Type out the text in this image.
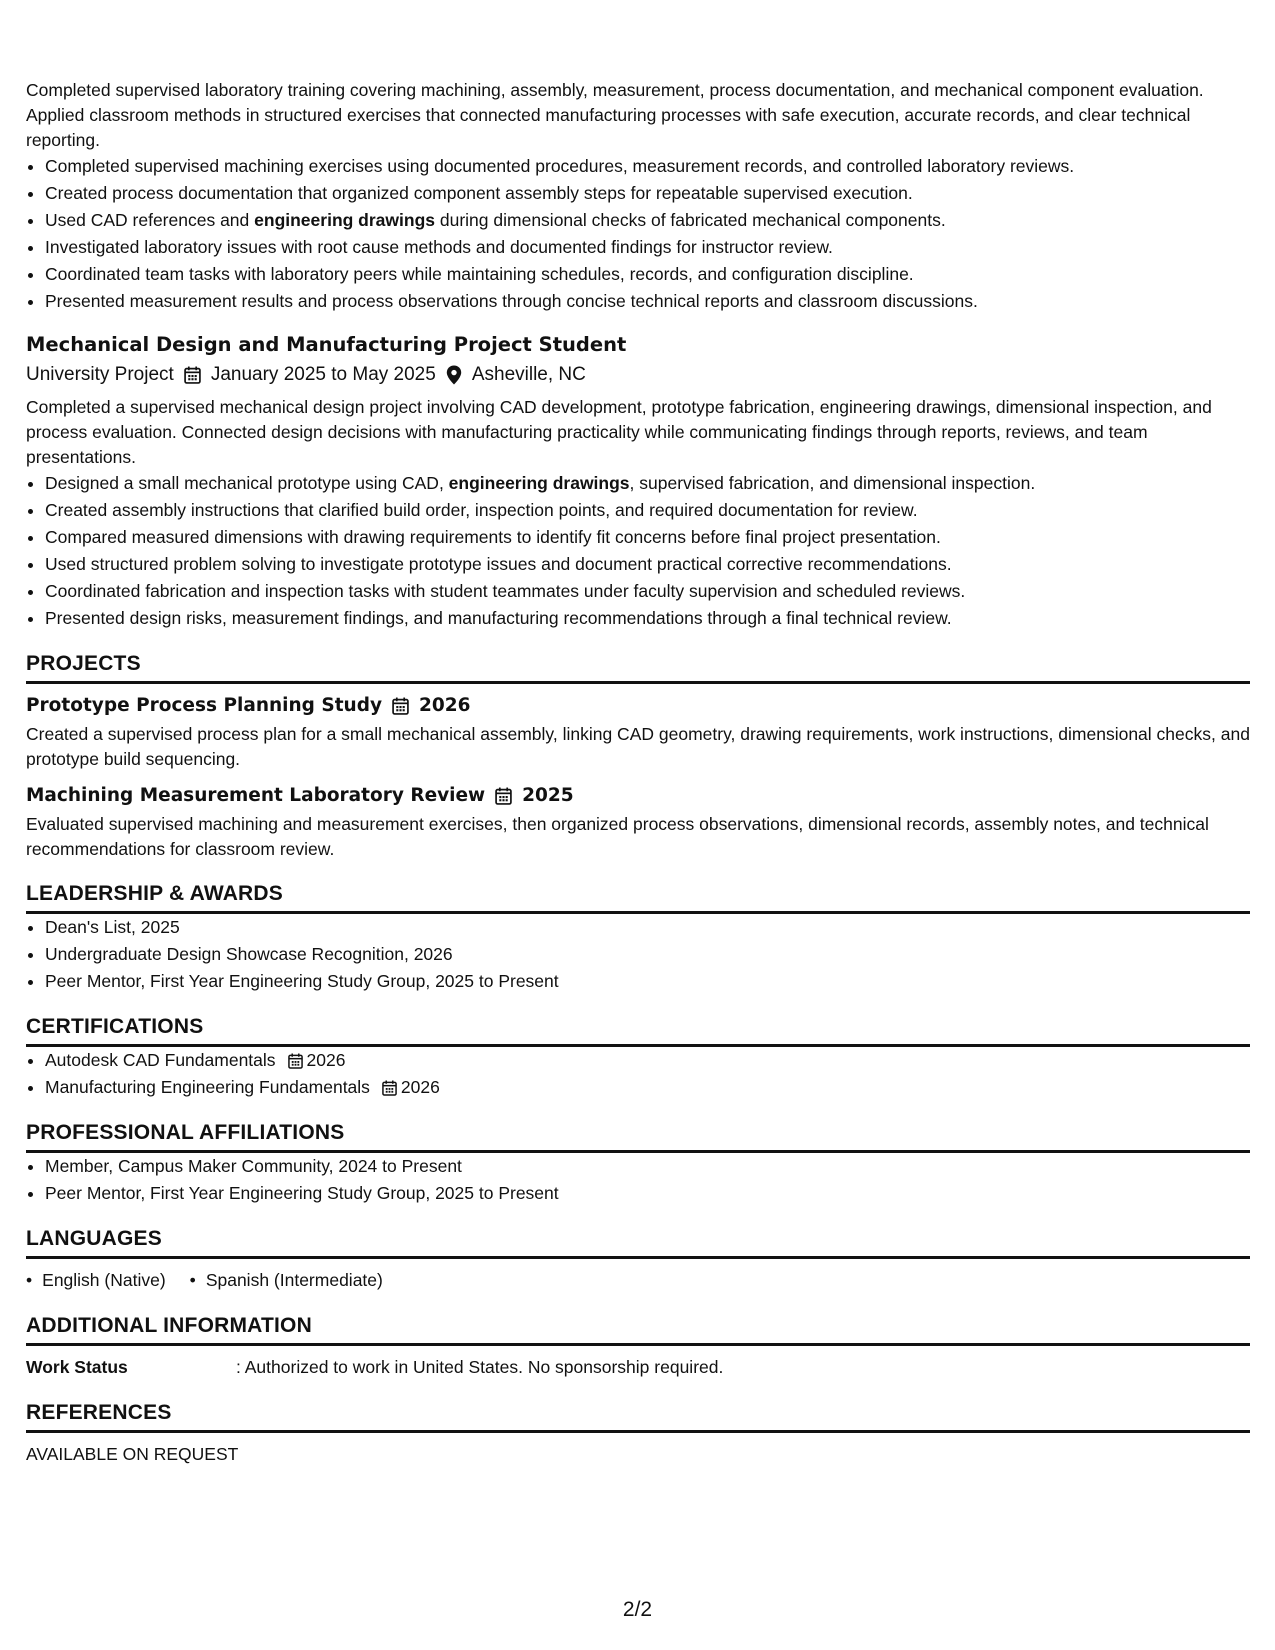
Completed supervised laboratory training covering machining, assembly, measurement, process documentation, and mechanical component evaluation. Applied classroom methods in structured exercises that connected manufacturing processes with safe execution, accurate records, and clear technical reporting.

• Completed supervised machining exercises using documented procedures, measurement records, and controlled laboratory reviews.
• Created process documentation that organized component assembly steps for repeatable supervised execution.
• Used CAD references and engineering drawings during dimensional checks of fabricated mechanical components.
• Investigated laboratory issues with root cause methods and documented findings for instructor review.
• Coordinated team tasks with laboratory peers while maintaining schedules, records, and configuration discipline.
• Presented measurement results and process observations through concise technical reports and classroom discussions.
Mechanical Design and Manufacturing Project Student
University Project January 2025 to May 2025 Asheville, NC

Completed a supervised mechanical design project involving CAD development, prototype fabrication, engineering drawings, dimensional inspection, and process evaluation. Connected design decisions with manufacturing practicality while communicating findings through reports, reviews, and team presentations.

• Designed a small mechanical prototype using CAD, engineering drawings, supervised fabrication, and dimensional inspection.
• Created assembly instructions that clarified build order, inspection points, and required documentation for review.
• Compared measured dimensions with drawing requirements to identify fit concerns before final project presentation.
• Used structured problem solving to investigate prototype issues and document practical corrective recommendations.
• Coordinated fabrication and inspection tasks with student teammates under faculty supervision and scheduled reviews.
• Presented design risks, measurement findings, and manufacturing recommendations through a final technical review.
PROJECTS
Prototype Process Planning Study 2026

Created a supervised process plan for a small mechanical assembly, linking CAD geometry, drawing requirements, work instructions, dimensional checks, and prototype build sequencing.

Machining Measurement Laboratory Review 2025

Evaluated supervised machining and measurement exercises, then organized process observations, dimensional records, assembly notes, and technical recommendations for classroom review.

LEADERSHIP & AWARDS
• Dean's List, 2025
• Undergraduate Design Showcase Recognition, 2026
• Peer Mentor, First Year Engineering Study Group, 2025 to Present
CERTIFICATIONS
• Autodesk CAD Fundamentals 2026
• Manufacturing Engineering Fundamentals 2026
PROFESSIONAL AFFILIATIONS
• Member, Campus Maker Community, 2024 to Present
• Peer Mentor, First Year Engineering Study Group, 2025 to Present
LANGUAGES
• English (Native)
•	Spanish (Intermediate)
ADDITIONAL INFORMATION
Work Status	: Authorized to work in United States. No sponsorship required.
REFERENCES
AVAILABLE ON REQUEST
2/2
